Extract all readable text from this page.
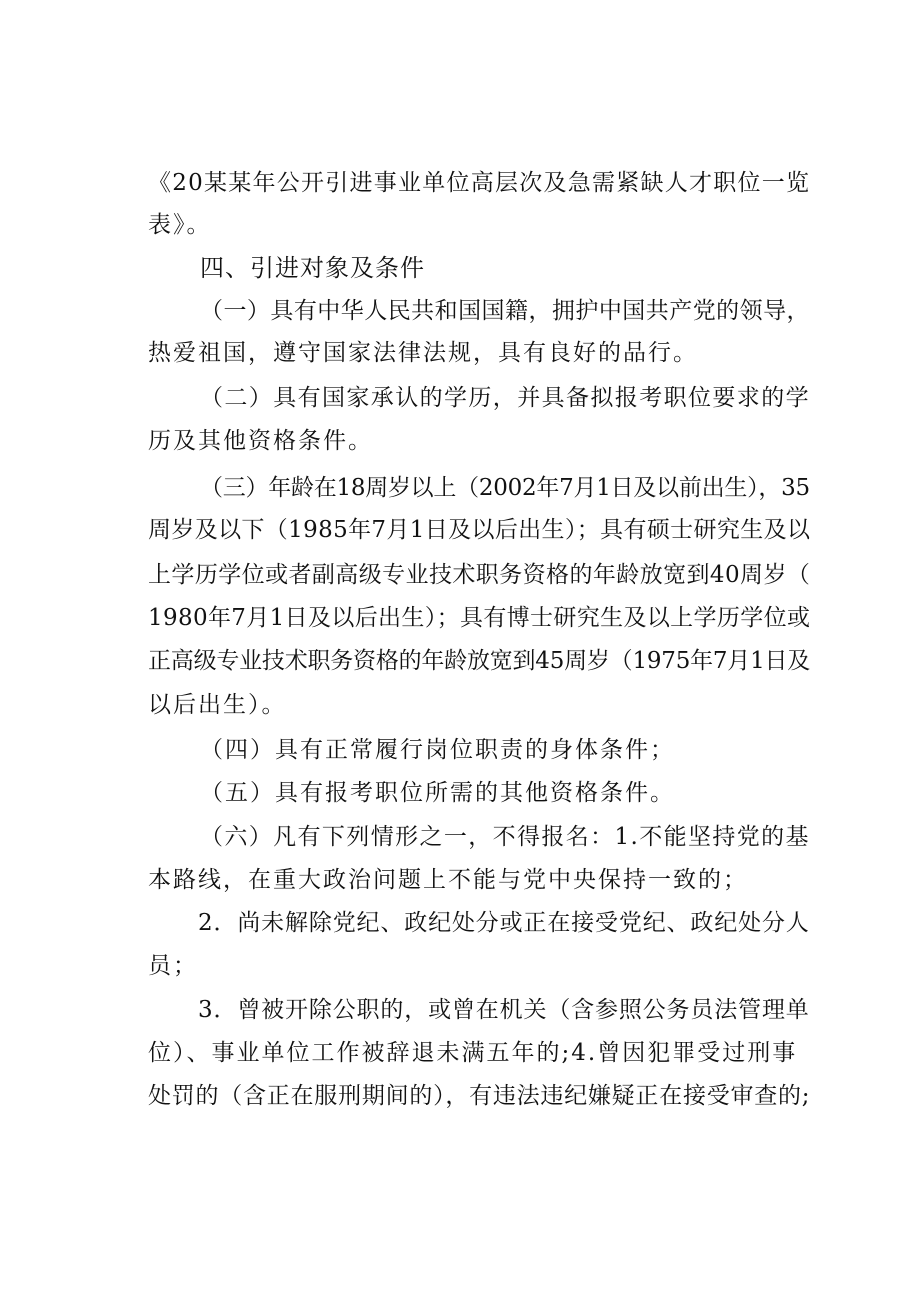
《20某某年公开引进事业单位高层次及急需紧缺人才职位一览
表》。
四、引进对象及条件
（一）具有中华人民共和国国籍，拥护中国共产党的领导，
热爱祖国，遵守国家法律法规，具有良好的品行。
（二）具有国家承认的学历，并具备拟报考职位要求的学
历及其他资格条件。
（三）年龄在18周岁以上（2002年7月1日及以前出生），35
周岁及以下（1985年7月1日及以后出生）；具有硕士研究生及以
上学历学位或者副高级专业技术职务资格的年龄放宽到40周岁（
1980年7月1日及以后出生）；具有博士研究生及以上学历学位或
正高级专业技术职务资格的年龄放宽到45周岁（1975年7月1日及
以后出生）。
（四）具有正常履行岗位职责的身体条件；
（五）具有报考职位所需的其他资格条件。
（六）凡有下列情形之一，不得报名：1.不能坚持党的基
本路线，在重大政治问题上不能与党中央保持一致的；
2．尚未解除党纪、政纪处分或正在接受党纪、政纪处分人
员；
3．曾被开除公职的，或曾在机关（含参照公务员法管理单
位）、事业单位工作被辞退未满五年的;4.曾因犯罪受过刑事
处罚的（含正在服刑期间的），有违法违纪嫌疑正在接受审查的;
